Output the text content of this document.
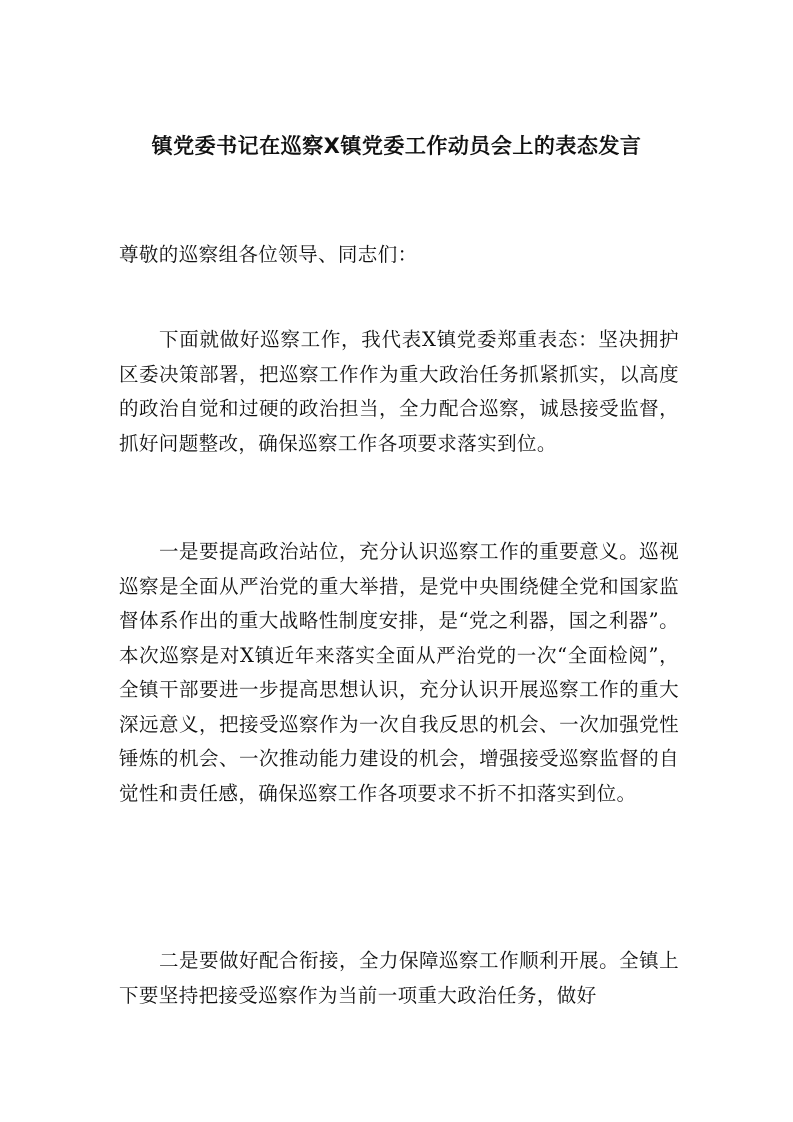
镇党委书记在巡察X镇党委工作动员会上的表态发言
尊敬的巡察组各位领导、同志们：
下面就做好巡察工作，我代表X镇党委郑重表态：坚决拥护区委决策部署，把巡察工作作为重大政治任务抓紧抓实，以高度的政治自觉和过硬的政治担当，全力配合巡察，诚恳接受监督，抓好问题整改，确保巡察工作各项要求落实到位。
一是要提高政治站位，充分认识巡察工作的重要意义。巡视巡察是全面从严治党的重大举措，是党中央围绕健全党和国家监督体系作出的重大战略性制度安排，是“党之利器，国之利器”。本次巡察是对X镇近年来落实全面从严治党的一次“全面检阅”，全镇干部要进一步提高思想认识，充分认识开展巡察工作的重大深远意义，把接受巡察作为一次自我反思的机会、一次加强党性锤炼的机会、一次推动能力建设的机会，增强接受巡察监督的自觉性和责任感，确保巡察工作各项要求不折不扣落实到位。
二是要做好配合衔接，全力保障巡察工作顺利开展。全镇上下要坚持把接受巡察作为当前一项重大政治任务，做好
